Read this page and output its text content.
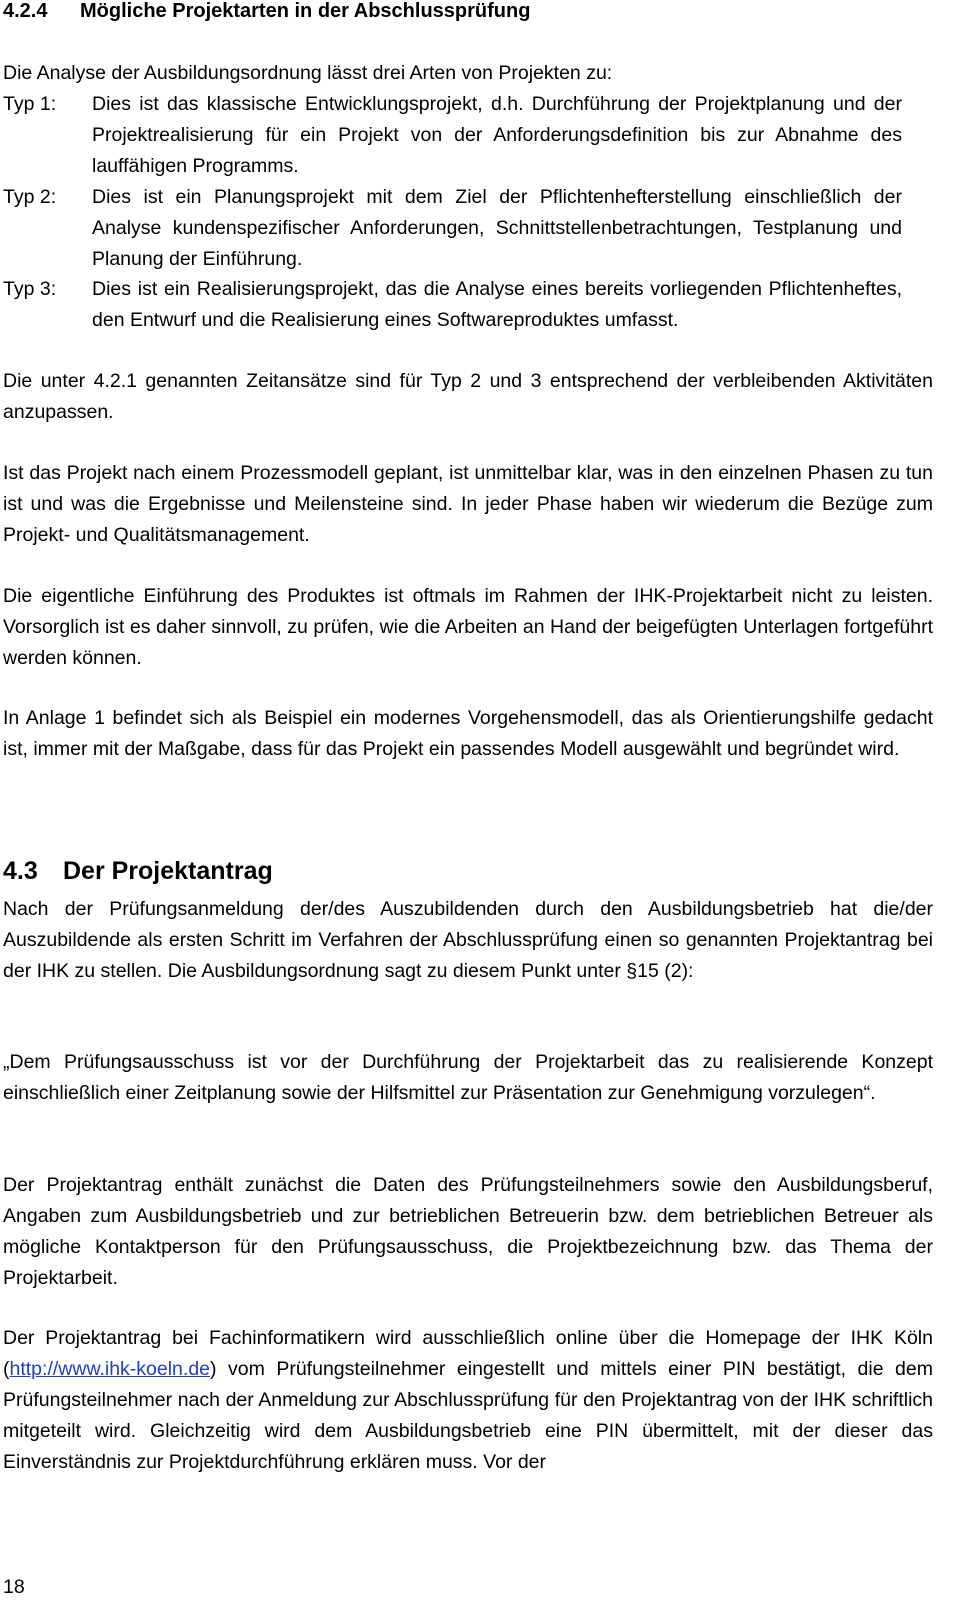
4.2.4 Mögliche Projektarten in der Abschlussprüfung
Die Analyse der Ausbildungsordnung lässt drei Arten von Projekten zu:
Typ 1:	Dies ist das klassische Entwicklungsprojekt, d.h. Durchführung der Projektplanung und der Projektrealisierung für ein Projekt von der Anforderungsdefinition bis zur Abnahme des lauffähigen Programms.
Typ 2:	Dies ist ein Planungsprojekt mit dem Ziel der Pflichtenhefterstellung einschließlich der Analyse kundenspezifischer Anforderungen, Schnittstellenbetrachtungen, Testplanung und Planung der Einführung.
Typ 3:	Dies ist ein Realisierungsprojekt, das die Analyse eines bereits vorliegenden Pflichtenheftes, den Entwurf und die Realisierung eines Softwareproduktes umfasst.
Die unter 4.2.1 genannten Zeitansätze sind für Typ 2 und 3 entsprechend der verbleibenden Aktivitäten anzupassen.
Ist das Projekt nach einem Prozessmodell geplant, ist unmittelbar klar, was in den einzelnen Phasen zu tun ist und was die Ergebnisse und Meilensteine sind. In jeder Phase haben wir wiederum die Bezüge zum Projekt- und Qualitätsmanagement.
Die eigentliche Einführung des Produktes ist oftmals im Rahmen der IHK-Projektarbeit nicht zu leisten. Vorsorglich ist es daher sinnvoll, zu prüfen, wie die Arbeiten an Hand der beigefügten Unterlagen fortgeführt werden können.
In Anlage 1 befindet sich als Beispiel ein modernes Vorgehensmodell, das als Orientierungshilfe gedacht ist, immer mit der Maßgabe, dass für das Projekt ein passendes Modell ausgewählt und begründet wird.
4.3 Der Projektantrag
Nach der Prüfungsanmeldung der/des Auszubildenden durch den Ausbildungsbetrieb hat die/der Auszubildende als ersten Schritt im Verfahren der Abschlussprüfung einen so genannten Projektantrag bei der IHK zu stellen. Die Ausbildungsordnung sagt zu diesem Punkt unter §15 (2):
„Dem Prüfungsausschuss ist vor der Durchführung der Projektarbeit das zu realisierende Konzept einschließlich einer Zeitplanung sowie der Hilfsmittel zur Präsentation zur Genehmigung vorzulegen“.
Der Projektantrag enthält zunächst die Daten des Prüfungsteilnehmers sowie den Ausbildungsberuf, Angaben zum Ausbildungsbetrieb und zur betrieblichen Betreuerin bzw. dem betrieblichen Betreuer als mögliche Kontaktperson für den Prüfungsausschuss, die Projektbezeichnung bzw. das Thema der Projektarbeit.
Der Projektantrag bei Fachinformatikern wird ausschließlich online über die Homepage der IHK Köln (http://www.ihk-koeln.de) vom Prüfungsteilnehmer eingestellt und mittels einer PIN bestätigt, die dem Prüfungsteilnehmer nach der Anmeldung zur Abschlussprüfung für den Projektantrag von der IHK schriftlich mitgeteilt wird. Gleichzeitig wird dem Ausbildungsbetrieb eine PIN übermittelt, mit der dieser das Einverständnis zur Projektdurchführung erklären muss. Vor der
18
